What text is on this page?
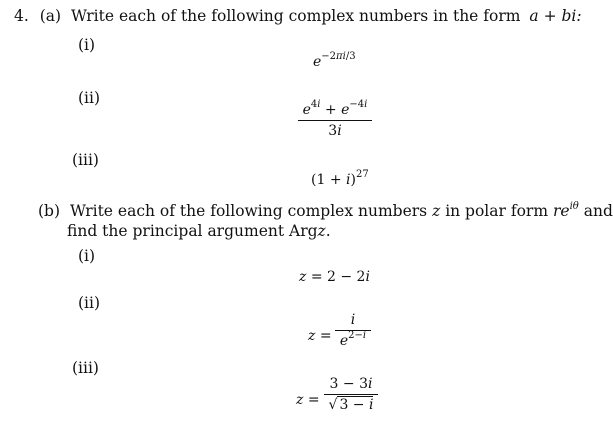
4. (a) Write each of the following complex numbers in the form a + bi:
(i)
$e^{-2\pi i/3}$
(ii)
$e^{4i} + e^{-4i}$
3i
(iii)
$(1 + i)^{27}$
(b) Write each of the following complex numbers z in polar form $re^{i\theta}$ and
find the principal argument Argz.
(i)
z = 2 − 2i
(ii)
z =
i
$e^{2-i}$
(iii)
z =
3 − 3i
√ 3 − i
